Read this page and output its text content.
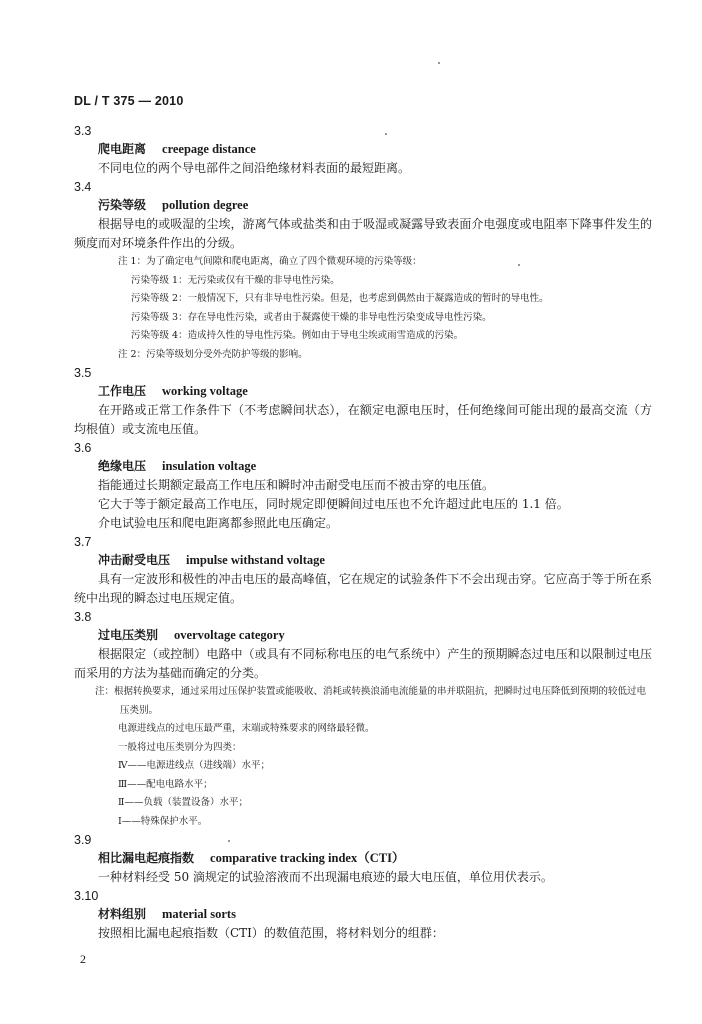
DL / T 375 — 2010
3.3
爬电距离 creepage distance
不同电位的两个导电部件之间沿绝缘材料表面的最短距离。
3.4
污染等级 pollution degree
根据导电的或吸湿的尘埃，游离气体或盐类和由于吸湿或凝露导致表面介电强度或电阻率下降事件发生的频度而对环境条件作出的分级。
注 1：为了确定电气间隙和爬电距离，确立了四个微观环境的污染等级：
污染等级 1：无污染或仅有干燥的非导电性污染。
污染等级 2：一般情况下，只有非导电性污染。但是，也考虑到偶然由于凝露造成的暂时的导电性。
污染等级 3：存在导电性污染，或者由于凝露使干燥的非导电性污染变成导电性污染。
污染等级 4：造成持久性的导电性污染。例如由于导电尘埃或雨雪造成的污染。
注 2：污染等级划分受外壳防护等级的影响。
3.5
工作电压 working voltage
在开路或正常工作条件下（不考虑瞬间状态），在额定电源电压时，任何绝缘间可能出现的最高交流（方均根值）或支流电压值。
3.6
绝缘电压 insulation voltage
指能通过长期额定最高工作电压和瞬时冲击耐受电压而不被击穿的电压值。
它大于等于额定最高工作电压，同时规定即便瞬间过电压也不允许超过此电压的 1.1 倍。
介电试验电压和爬电距离都参照此电压确定。
3.7
冲击耐受电压 impulse withstand voltage
具有一定波形和极性的冲击电压的最高峰值，它在规定的试验条件下不会出现击穿。它应高于等于所在系统中出现的瞬态过电压规定值。
3.8
过电压类别 overvoltage category
根据限定（或控制）电路中（或具有不同标称电压的电气系统中）产生的预期瞬态过电压和以限制过电压而采用的方法为基础而确定的分类。
注：根据转换要求，通过采用过压保护装置或能吸收、消耗或转换浪涌电流能量的串并联阻抗，把瞬时过电压降低到预期的较低过电压类别。
电源进线点的过电压最严重，末端或特殊要求的网络最轻微。
一般将过电压类别分为四类：
Ⅳ——电源进线点（进线端）水平；
Ⅲ——配电电路水平；
Ⅱ——负载（装置设备）水平；
Ⅰ——特殊保护水平。
3.9
相比漏电起痕指数 comparative tracking index（CTI）
一种材料经受 50 滴规定的试验溶液而不出现漏电痕迹的最大电压值，单位用伏表示。
3.10
材料组别 material sorts
按照相比漏电起痕指数（CTI）的数值范围，将材料划分的组群：
2
